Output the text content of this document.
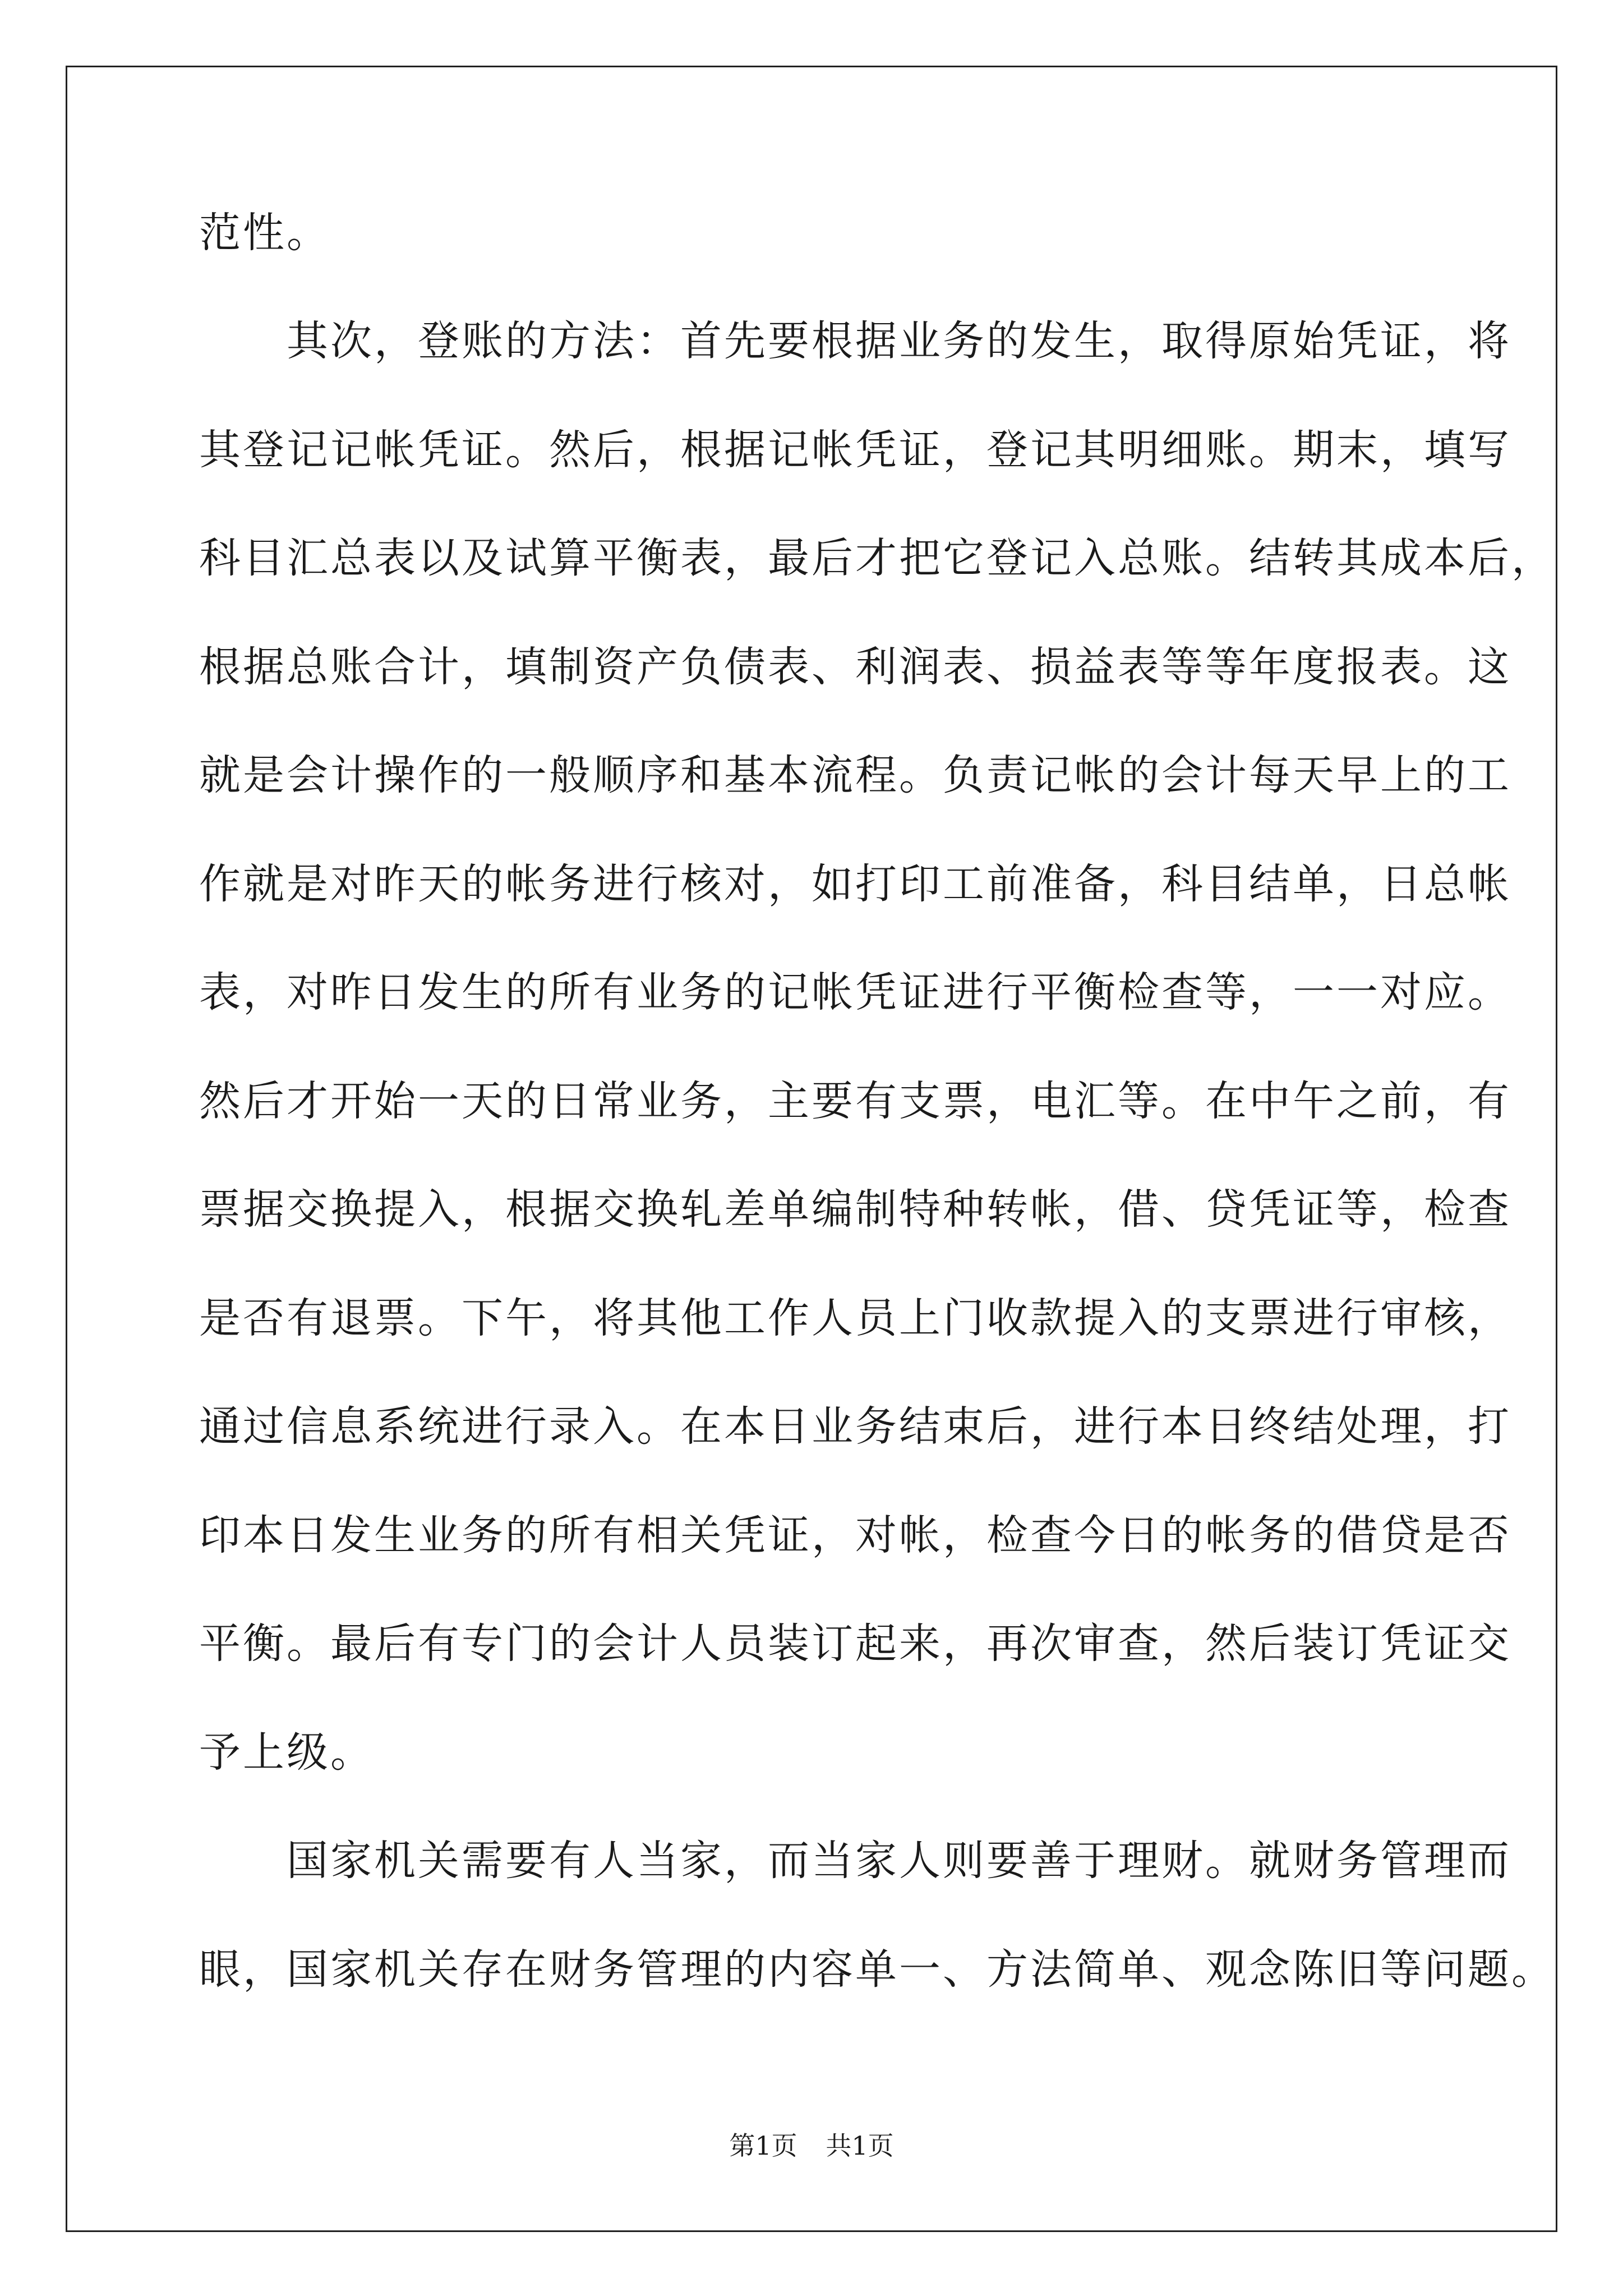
范性。
　　其次，登账的方法：首先要根据业务的发生，取得原始凭证，将
其登记记帐凭证。然后，根据记帐凭证，登记其明细账。期末，填写
科目汇总表以及试算平衡表，最后才把它登记入总账。结转其成本后，
根据总账合计，填制资产负债表、利润表、损益表等等年度报表。这
就是会计操作的一般顺序和基本流程。负责记帐的会计每天早上的工
作就是对昨天的帐务进行核对，如打印工前准备，科目结单，日总帐
表，对昨日发生的所有业务的记帐凭证进行平衡检查等，一一对应。
然后才开始一天的日常业务，主要有支票，电汇等。在中午之前，有
票据交换提入，根据交换轧差单编制特种转帐，借、贷凭证等，检查
是否有退票。下午，将其他工作人员上门收款提入的支票进行审核，
通过信息系统进行录入。在本日业务结束后，进行本日终结处理，打
印本日发生业务的所有相关凭证，对帐，检查今日的帐务的借贷是否
平衡。最后有专门的会计人员装订起来，再次审查，然后装订凭证交
予上级。
　　国家机关需要有人当家，而当家人则要善于理财。就财务管理而
眼，国家机关存在财务管理的内容单一、方法简单、观念陈旧等问题。
第1页 共1页
